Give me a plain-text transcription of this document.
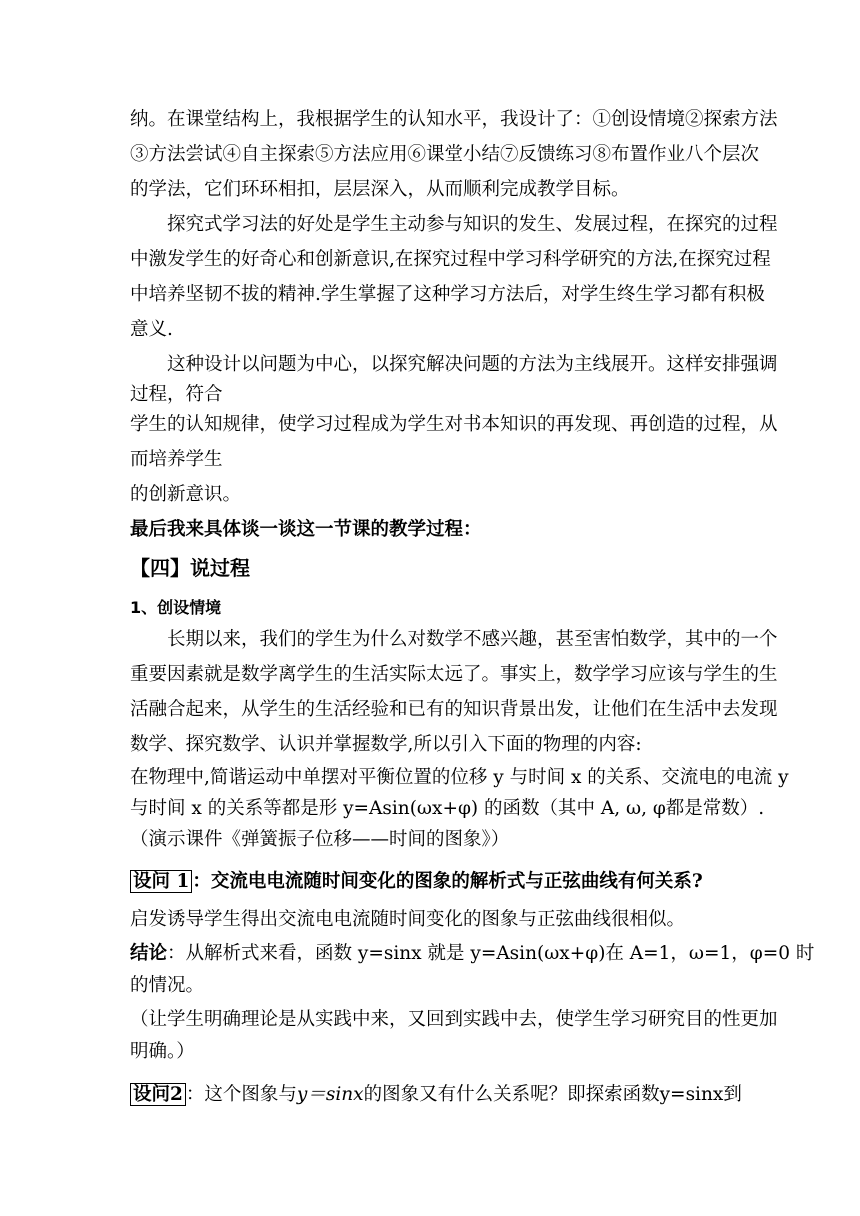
纳。在课堂结构上，我根据学生的认知水平，我设计了：①创设情境②探索方法
③方法尝试④自主探索⑤方法应用⑥课堂小结⑦反馈练习⑧布置作业八个层次
的学法，它们环环相扣，层层深入，从而顺利完成教学目标。
探究式学习法的好处是学生主动参与知识的发生、发展过程，在探究的过程
中激发学生的好奇心和创新意识,在探究过程中学习科学研究的方法,在探究过程
中培养坚韧不拔的精神.学生掌握了这种学习方法后，对学生终生学习都有积极
意义.
这种设计以问题为中心，以探究解决问题的方法为主线展开。这样安排强调
过程，符合
学生的认知规律，使学习过程成为学生对书本知识的再发现、再创造的过程，从
而培养学生
的创新意识。
最后我来具体谈一谈这一节课的教学过程：
【四】说过程
1、创设情境
长期以来，我们的学生为什么对数学不感兴趣，甚至害怕数学，其中的一个
重要因素就是数学离学生的生活实际太远了。事实上，数学学习应该与学生的生
活融合起来，从学生的生活经验和已有的知识背景出发，让他们在生活中去发现
数学、探究数学、认识并掌握数学,所以引入下面的物理的内容:
在物理中,简谐运动中单摆对平衡位置的位移 y 与时间 x 的关系、交流电的电流 y
与时间 x 的关系等都是形 y=Asin(ωx+φ) 的函数（其中 A, ω, φ都是常数）.
（演示课件《弹簧振子位移——时间的图象》）
设问 1 ：交流电电流随时间变化的图象的解析式与正弦曲线有何关系?
启发诱导学生得出交流电电流随时间变化的图象与正弦曲线很相似。
结论：从解析式来看，函数 y=sinx 就是 y=Asin(ωx+φ)在 A=1，ω=1，φ=0 时
的情况。
（让学生明确理论是从实践中来，又回到实践中去，使学生学习研究目的性更加
明确。）
设问2 ：这个图象与y＝sinx的图象又有什么关系呢？即探索函数y=sinx到
